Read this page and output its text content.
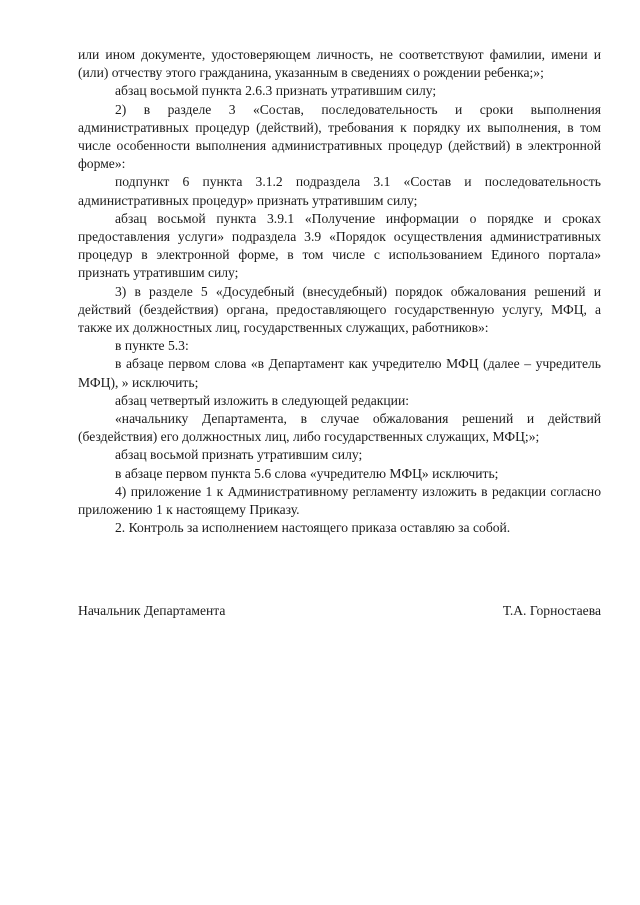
или ином документе, удостоверяющем личность, не соответствуют фамилии, имени и (или) отчеству этого гражданина, указанным в сведениях о рождении ребенка;»;

абзац восьмой пункта 2.6.3 признать утратившим силу;

2) в разделе 3 «Состав, последовательность и сроки выполнения административных процедур (действий), требования к порядку их выполнения, в том числе особенности выполнения административных процедур (действий) в электронной форме»:

подпункт 6 пункта 3.1.2 подраздела 3.1 «Состав и последовательность административных процедур» признать утратившим силу;

абзац восьмой пункта 3.9.1 «Получение информации о порядке и сроках предоставления услуги» подраздела 3.9 «Порядок осуществления административных процедур в электронной форме, в том числе с использованием Единого портала» признать утратившим силу;

3) в разделе 5 «Досудебный (внесудебный) порядок обжалования решений и действий (бездействия) органа, предоставляющего государственную услугу, МФЦ, а также их должностных лиц, государственных служащих, работников»:

в пункте 5.3:

в абзаце первом слова «в Департамент как учредителю МФЦ (далее – учредитель МФЦ), » исключить;

абзац четвертый изложить в следующей редакции:

«начальнику Департамента, в случае обжалования решений и действий (бездействия) его должностных лиц, либо государственных служащих, МФЦ;»;

абзац восьмой признать утратившим силу;

в абзаце первом пункта 5.6 слова «учредителю МФЦ» исключить;

4) приложение 1 к Административному регламенту изложить в редакции согласно приложению 1 к настоящему Приказу.

2. Контроль за исполнением настоящего приказа оставляю за собой.

Начальник Департамента	Т.А. Горностаева
